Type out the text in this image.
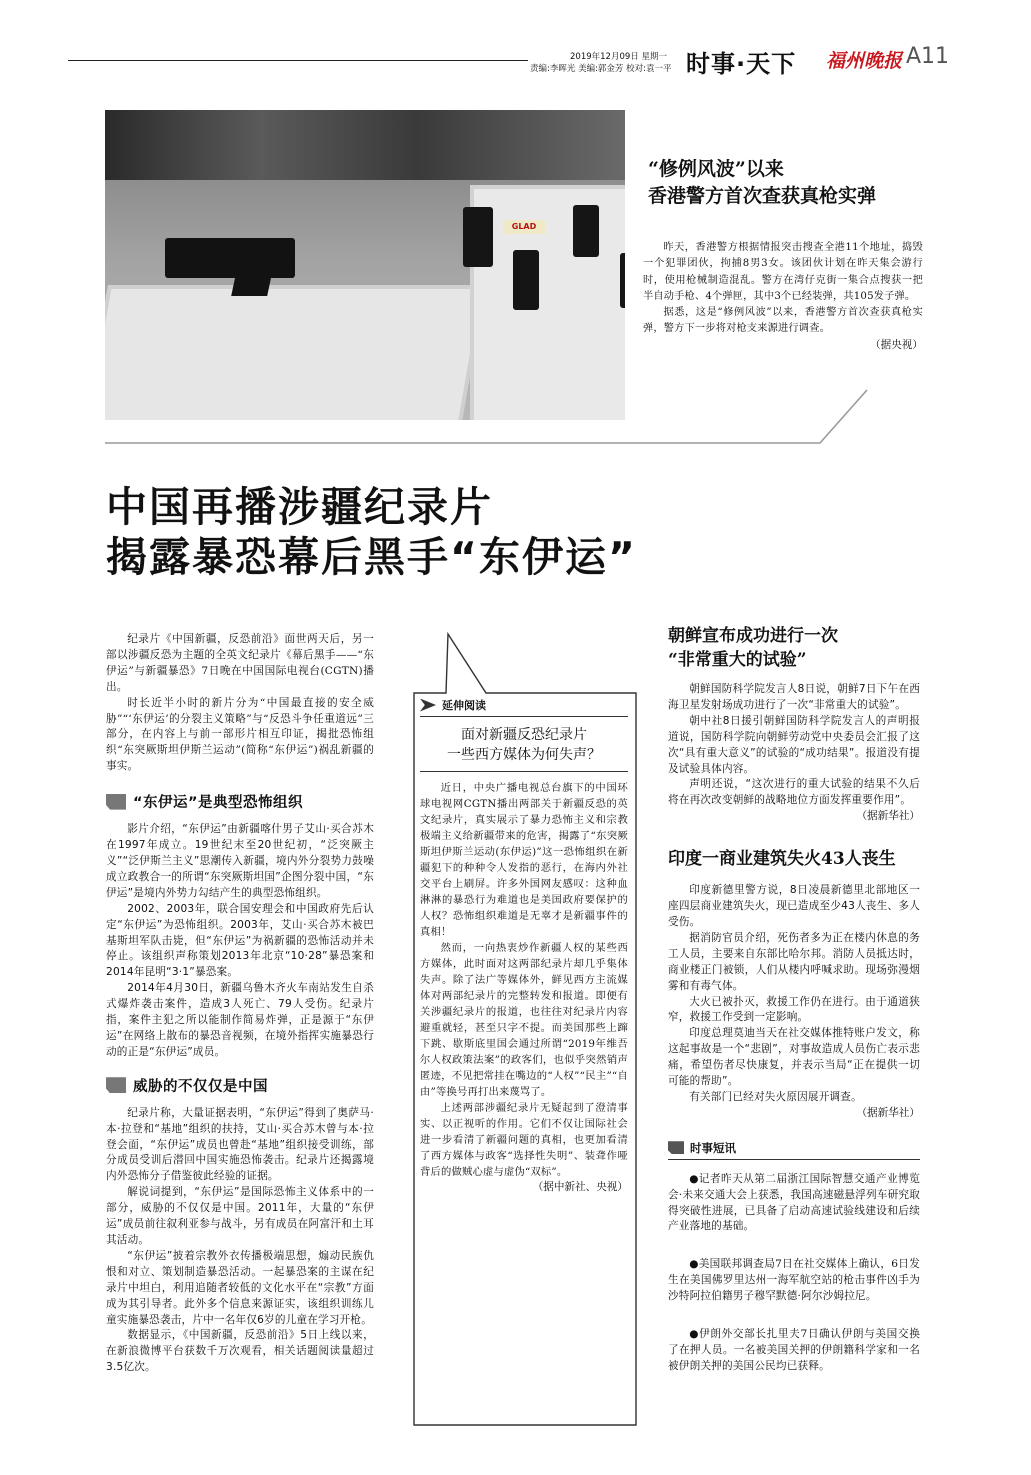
2019年12月09日 星期一
责编:李晖光 美编:郭金芳 校对:袁一平 时事·天下 福州晚报 A11
GLAD

“修例风波”以来

香港警方首次查获真枪实弹

昨天，香港警方根据情报突击搜查全港11个地址，捣毁一个犯罪团伙，拘捕8男3女。该团伙计划在昨天集会游行时，使用枪械制造混乱。警方在湾仔克街一集合点搜获一把半自动手枪、4个弹匣，其中3个已经装弹，共105发子弹。

据悉，这是“修例风波”以来，香港警方首次查获真枪实弹，警方下一步将对枪支来源进行调查。

（据央视）

中国再播涉疆纪录片
揭露暴恐幕后黑手“东伊运”

纪录片《中国新疆，反恐前沿》面世两天后，另一部以涉疆反恐为主题的全英文纪录片《幕后黑手——“东伊运”与新疆暴恐》7日晚在中国国际电视台(CGTN)播出。

时长近半小时的新片分为“中国最直接的安全威胁”“‘东伊运’的分裂主义策略”与“反恐斗争任重道远”三部分，在内容上与前一部形片相互印证，揭批恐怖组织“东突厥斯坦伊斯兰运动”(简称“东伊运”)祸乱新疆的事实。

“东伊运”是典型恐怖组织

影片介绍，“东伊运”由新疆喀什男子艾山·买合苏木在1997年成立。19世纪末至20世纪初，“泛突厥主义”“泛伊斯兰主义”思潮传入新疆，境内外分裂势力鼓噪成立政教合一的所谓“东突厥斯坦国”企图分裂中国，“东伊运”是境内外势力勾结产生的典型恐怖组织。

2002、2003年，联合国安理会和中国政府先后认定“东伊运”为恐怖组织。2003年，艾山·买合苏木被巴基斯坦军队击毙，但“东伊运”为祸新疆的恐怖活动并未停止。该组织声称策划2013年北京“10·28”暴恐案和2014年昆明“3·1”暴恐案。

2014年4月30日，新疆乌鲁木齐火车南站发生自杀式爆炸袭击案件，造成3人死亡、79人受伤。纪录片指，案件主犯之所以能制作简易炸弹，正是源于“东伊运”在网络上散布的暴恐音视频，在境外指挥实施暴恐行动的正是“东伊运”成员。

威胁的不仅仅是中国

纪录片称，大量证据表明，“东伊运”得到了奥萨马·本·拉登和“基地”组织的扶持，艾山·买合苏木曾与本·拉登会面，“东伊运”成员也曾赴“基地”组织接受训练，部分成员受训后潜回中国实施恐怖袭击。纪录片还揭露境内外恐怖分子借鉴彼此经验的证据。

解说词提到，“东伊运”是国际恐怖主义体系中的一部分，威胁的不仅仅是中国。2011年，大量的“东伊运”成员前往叙利亚参与战斗，另有成员在阿富汗和土耳其活动。

“东伊运”披着宗教外衣传播极端思想，煽动民族仇恨和对立、策划制造暴恐活动。一起暴恐案的主谋在纪录片中坦白，利用追随者较低的文化水平在“宗教”方面成为其引导者。此外多个信息来源证实，该组织训练儿童实施暴恐袭击，片中一名年仅6岁的儿童在学习开枪。

数据显示，《中国新疆，反恐前沿》5日上线以来，在新浪微博平台获数千万次观看，相关话题阅读量超过3.5亿次。

延伸阅读
面对新疆反恐纪录片
一些西方媒体为何失声？

近日，中央广播电视总台旗下的中国环球电视网CGTN播出两部关于新疆反恐的英文纪录片，真实展示了暴力恐怖主义和宗教极端主义给新疆带来的危害，揭露了“东突厥斯坦伊斯兰运动(东伊运)”这一恐怖组织在新疆犯下的种种令人发指的恶行，在海内外社交平台上刷屏。许多外国网友感叹：这种血淋淋的暴恐行为难道也是美国政府要保护的人权？恐怖组织难道是无辜才是新疆事件的真相！

然而，一向热衷炒作新疆人权的某些西方媒体，此时面对这两部纪录片却几乎集体失声。除了法广等媒体外，鲜见西方主流媒体对两部纪录片的完整转发和报道。即便有关涉疆纪录片的报道，也往往对纪录片内容避重就轻，甚至只字不提。而美国那些上蹿下跳、歇斯底里国会通过所谓“2019年维吾尔人权政策法案”的政客们，也似乎突然销声匿迹，不见把常挂在嘴边的“人权”“民主”“自由”等换号再打出来蔑骂了。

上述两部涉疆纪录片无疑起到了澄清事实、以正视听的作用。它们不仅让国际社会进一步看清了新疆问题的真相，也更加看清了西方媒体与政客“选择性失明”、装聋作哑背后的做贼心虚与虚伪“双标”。

（据中新社、央视）

朝鲜宣布成功进行一次

“非常重大的试验”

朝鲜国防科学院发言人8日说，朝鲜7日下午在西海卫星发射场成功进行了一次“非常重大的试验”。

朝中社8日援引朝鲜国防科学院发言人的声明报道说，国防科学院向朝鲜劳动党中央委员会汇报了这次“具有重大意义”的试验的“成功结果”。报道没有提及试验具体内容。

声明还说，“这次进行的重大试验的结果不久后将在再次改变朝鲜的战略地位方面发挥重要作用”。

（据新华社）

印度一商业建筑失火43人丧生

印度新德里警方说，8日凌晨新德里北部地区一座四层商业建筑失火，现已造成至少43人丧生、多人受伤。

据消防官员介绍，死伤者多为正在楼内休息的务工人员，主要来自东部比哈尔邦。消防人员抵达时，商业楼正门被锁，人们从楼内呼喊求助。现场弥漫烟雾和有毒气体。

大火已被扑灭，救援工作仍在进行。由于通道狭窄，救援工作受到一定影响。

印度总理莫迪当天在社交媒体推特账户发文，称这起事故是一个“悲剧”，对事故造成人员伤亡表示悲痛，希望伤者尽快康复，并表示当局“正在提供一切可能的帮助”。

有关部门已经对失火原因展开调查。

（据新华社）

时事短讯

●记者昨天从第二届浙江国际智慧交通产业博览会·未来交通大会上获悉，我国高速磁悬浮列车研究取得突破性进展，已具备了启动高速试验线建设和后续产业落地的基础。

●美国联邦调查局7日在社交媒体上确认，6日发生在美国佛罗里达州一海军航空站的枪击事件凶手为沙特阿拉伯籍男子穆罕默德·阿尔沙姆拉尼。

●伊朗外交部长扎里夫7日确认伊朗与美国交换了在押人员。一名被美国关押的伊朗籍科学家和一名被伊朗关押的美国公民均已获释。
